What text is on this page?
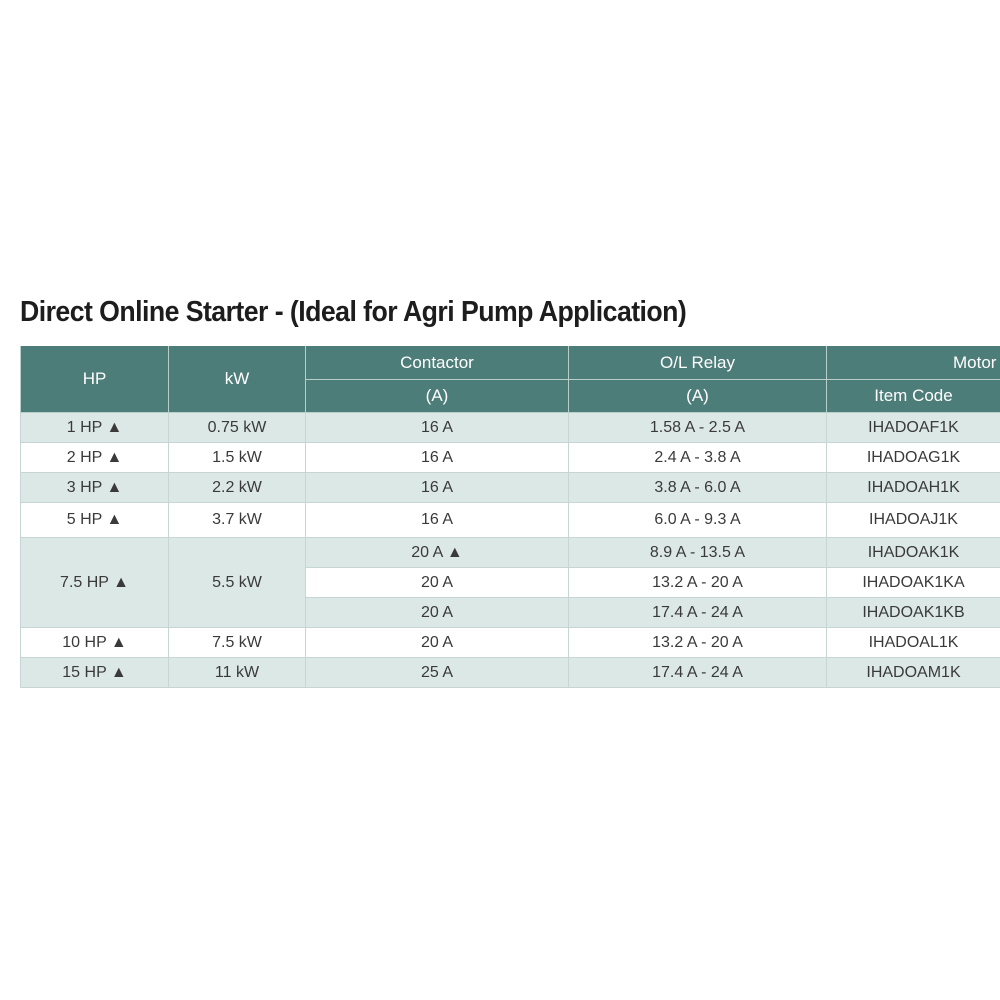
Direct Online Starter - (Ideal for Agri Pump Application)
HP	kW	Contactor	O/L Relay	Motor	
		(A)	(A)	Item Code	
1 HP ▲	0.75 kW	16 A	1.58 A - 2.5 A	IHADOAF1K	
2 HP ▲	1.5 kW	16 A	2.4 A - 3.8 A	IHADOAG1K	
3 HP ▲	2.2 kW	16 A	3.8 A - 6.0 A	IHADOAH1K	
5 HP ▲	3.7 kW	16 A	6.0 A - 9.3 A	IHADOAJ1K	
7.5 HP ▲	5.5 kW	20 A ▲	8.9 A - 13.5 A	IHADOAK1K	
		20 A	13.2 A - 20 A	IHADOAK1KA	
		20 A	17.4 A - 24 A	IHADOAK1KB	
10 HP ▲	7.5 kW	20 A	13.2 A - 20 A	IHADOAL1K	
15 HP ▲	11 kW	25 A	17.4 A - 24 A	IHADOAM1K	
